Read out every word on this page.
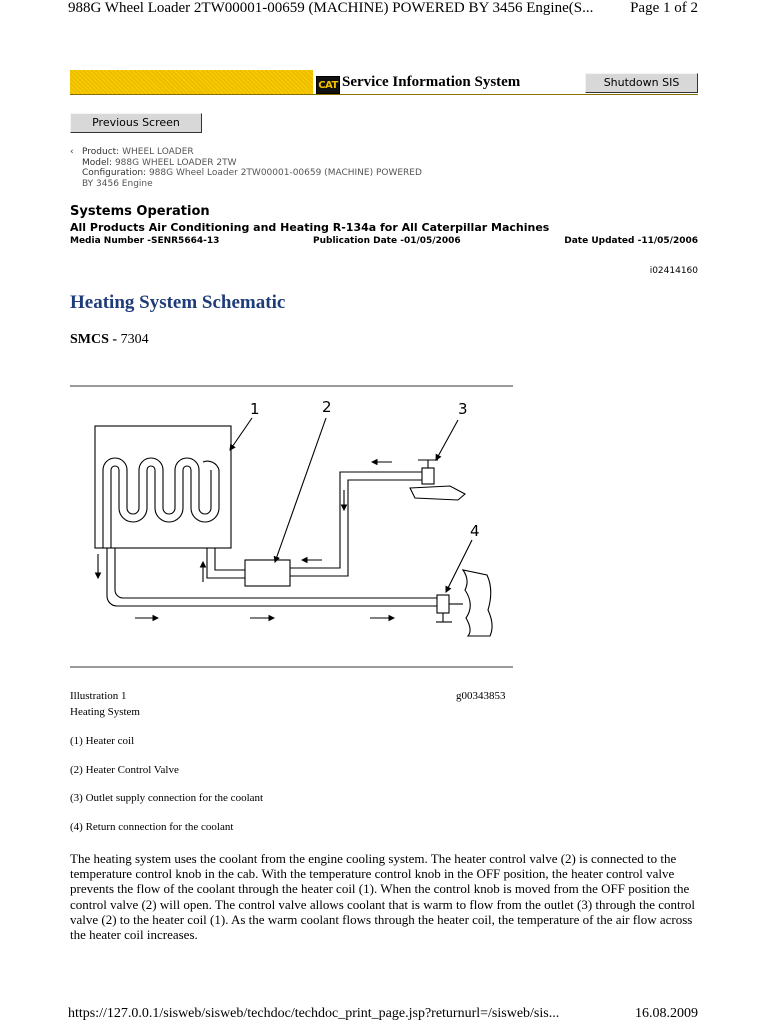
988G Wheel Loader 2TW00001-00659 (MACHINE) POWERED BY 3456 Engine(S... Page 1 of 2
CAT Service Information System	Shutdown SIS
Previous Screen
‹ Product: WHEEL LOADER
Model: 988G WHEEL LOADER 2TW
Configuration: 988G Wheel Loader 2TW00001-00659 (MACHINE) POWERED
BY 3456 Engine
Systems Operation
All Products Air Conditioning and Heating R-134a for All Caterpillar Machines
Media Number -SENR5664-13	Publication Date -01/05/2006	Date Updated -11/05/2006
i02414160
Heating System Schematic
SMCS - 7304
1	2	3
4
Illustration 1	g00343853
Heating System
(1) Heater coil
(2) Heater Control Valve
(3) Outlet supply connection for the coolant
(4) Return connection for the coolant
The heating system uses the coolant from the engine cooling system. The heater control valve (2) is connected to the temperature control knob in the cab. With the temperature control knob in the OFF position, the heater control valve prevents the flow of the coolant through the heater coil (1). When the control knob is moved from the OFF position the control valve (2) will open. The control valve allows coolant that is warm to flow from the outlet (3) through the control valve (2) to the heater coil (1). As the warm coolant flows through the heater coil, the temperature of the air flow across the heater coil increases.
https://127.0.0.1/sisweb/sisweb/techdoc/techdoc_print_page.jsp?returnurl=/sisweb/sis...	16.08.2009
